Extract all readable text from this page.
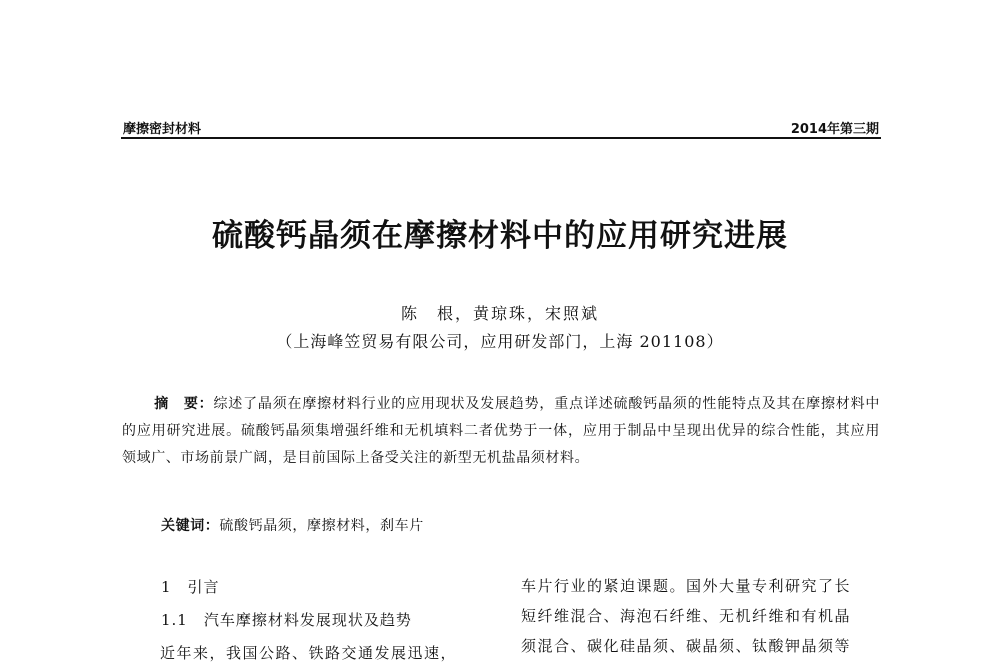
摩擦密封材料	2014年第三期
硫酸钙晶须在摩擦材料中的应用研究进展
陈　根，黄琼珠，宋照斌
（上海峰笠贸易有限公司，应用研发部门，上海 201108）
摘　要：综述了晶须在摩擦材料行业的应用现状及发展趋势，重点详述硫酸钙晶须的性能特点及其在摩擦材料中的应用研究进展。硫酸钙晶须集增强纤维和无机填料二者优势于一体，应用于制品中呈现出优异的综合性能，其应用领域广、市场前景广阔，是目前国际上备受关注的新型无机盐晶须材料。
关键词：硫酸钙晶须，摩擦材料，刹车片
1　引言
1.1　汽车摩擦材料发展现状及趋势
近年来，我国公路、铁路交通发展迅速，
车片行业的紧迫课题。国外大量专利研究了长
短纤维混合、海泡石纤维、无机纤维和有机晶
须混合、碳化硅晶须、碳晶须、钛酸钾晶须等
